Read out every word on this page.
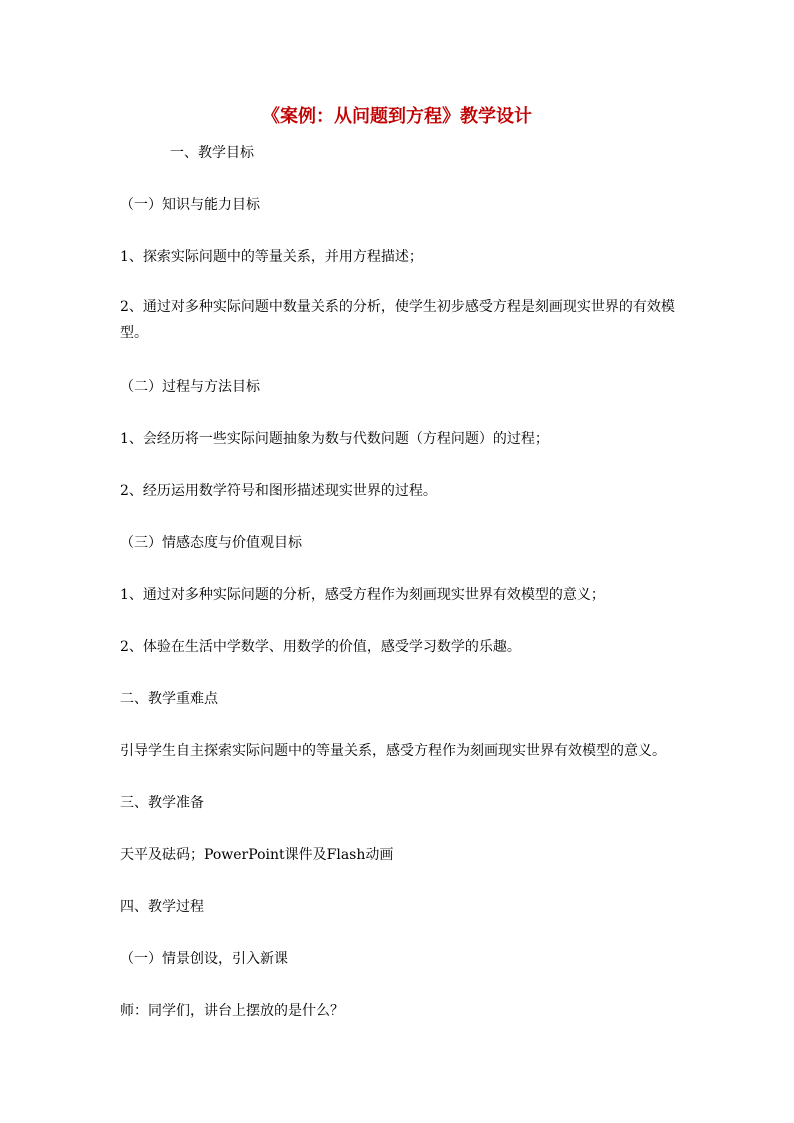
《案例：从问题到方程》教学设计
一、教学目标
（一）知识与能力目标
1、探索实际问题中的等量关系，并用方程描述；
2、通过对多种实际问题中数量关系的分析，使学生初步感受方程是刻画现实世界的有效模型。
（二）过程与方法目标
1、会经历将一些实际问题抽象为数与代数问题（方程问题）的过程；
2、经历运用数学符号和图形描述现实世界的过程。
（三）情感态度与价值观目标
1、通过对多种实际问题的分析，感受方程作为刻画现实世界有效模型的意义；
2、体验在生活中学数学、用数学的价值，感受学习数学的乐趣。
二、教学重难点
引导学生自主探索实际问题中的等量关系，感受方程作为刻画现实世界有效模型的意义。
三、教学准备
天平及砝码；PowerPoint课件及Flash动画
四、教学过程
（一）情景创设，引入新课
师：同学们，讲台上摆放的是什么？
